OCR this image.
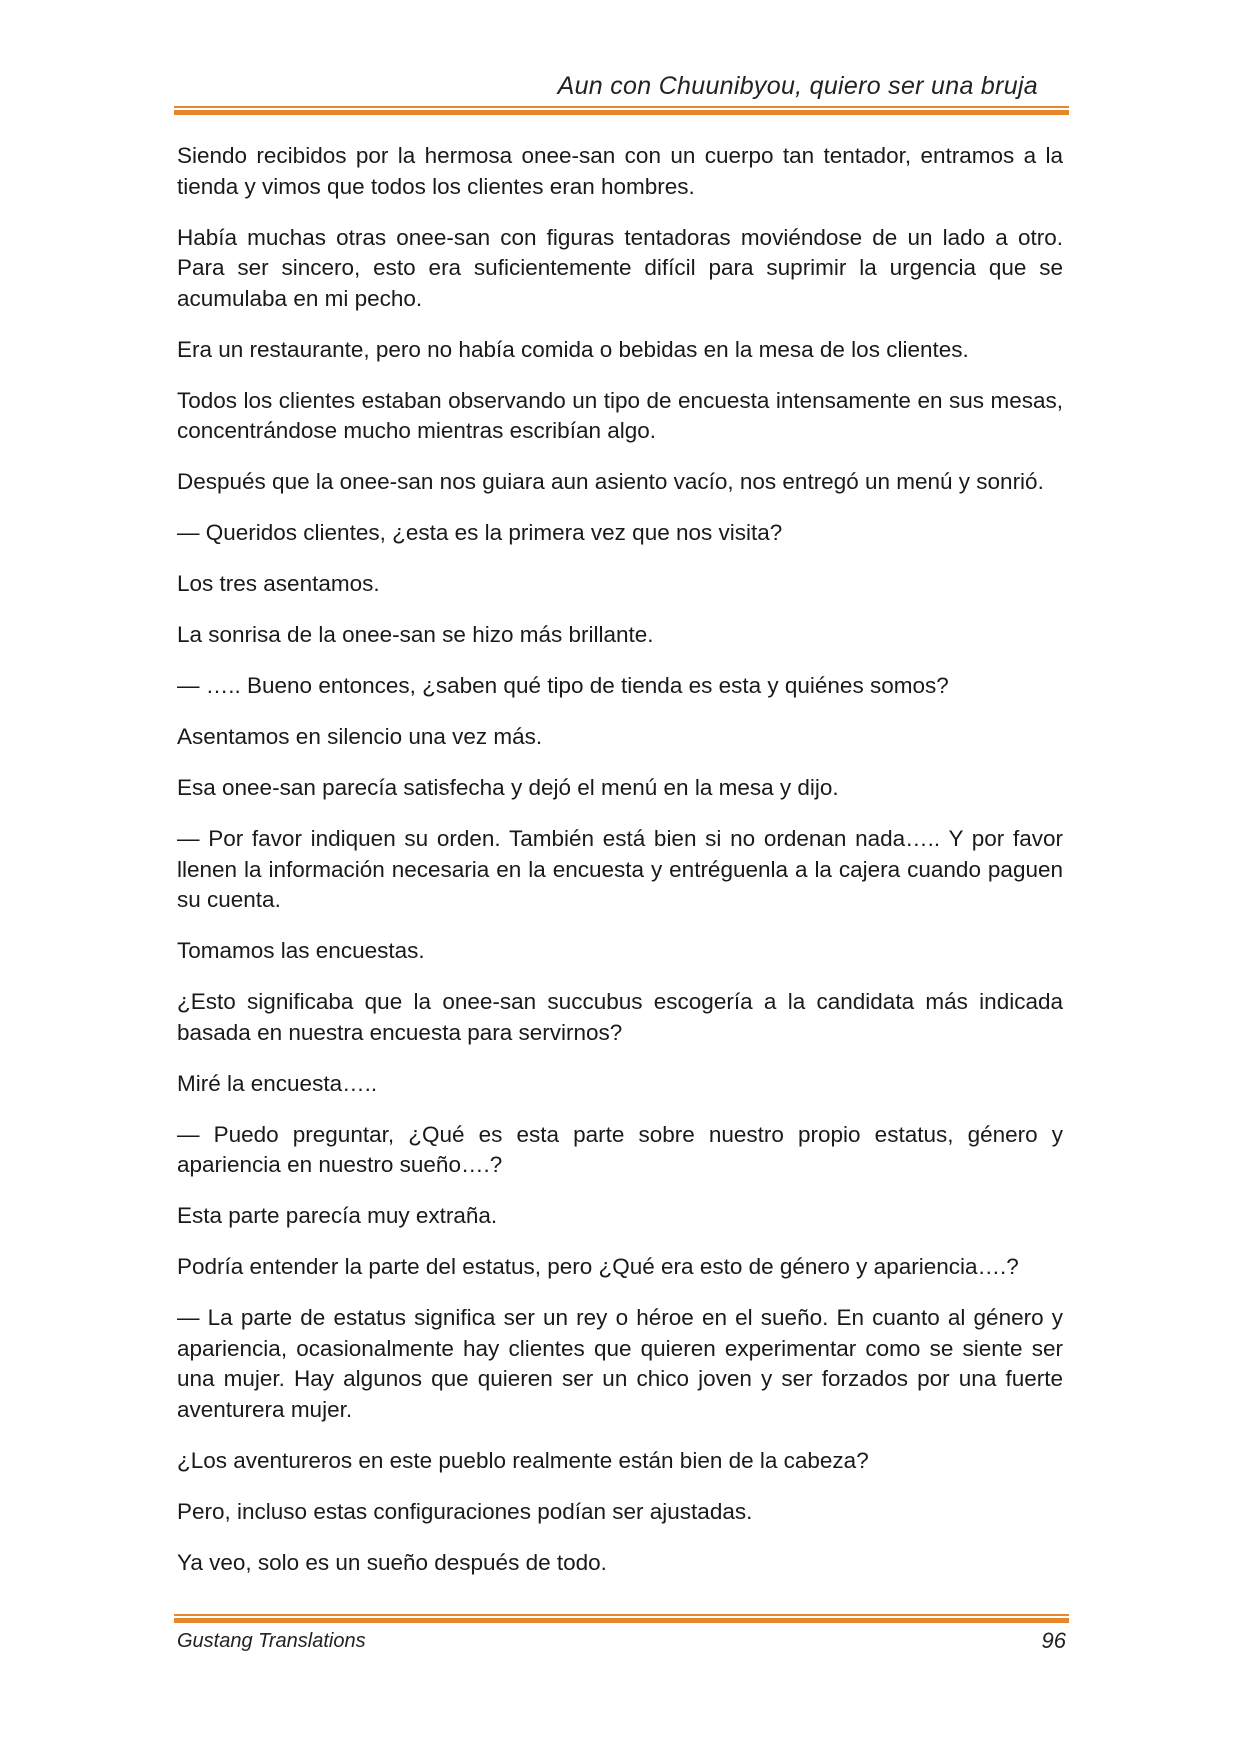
Aun con Chuunibyou, quiero ser una bruja

Siendo recibidos por la hermosa onee-san con un cuerpo tan tentador, entramos a la tienda y vimos que todos los clientes eran hombres.

Había muchas otras onee-san con figuras tentadoras moviéndose de un lado a otro. Para ser sincero, esto era suficientemente difícil para suprimir la urgencia que se acumulaba en mi pecho.

Era un restaurante, pero no había comida o bebidas en la mesa de los clientes.

Todos los clientes estaban observando un tipo de encuesta intensamente en sus mesas, concentrándose mucho mientras escribían algo.

Después que la onee-san nos guiara aun asiento vacío, nos entregó un menú y sonrió.

— Queridos clientes, ¿esta es la primera vez que nos visita?

Los tres asentamos.

La sonrisa de la onee-san se hizo más brillante.

— ….. Bueno entonces, ¿saben qué tipo de tienda es esta y quiénes somos?

Asentamos en silencio una vez más.

Esa onee-san parecía satisfecha y dejó el menú en la mesa y dijo.

— Por favor indiquen su orden. También está bien si no ordenan nada….. Y por favor llenen la información necesaria en la encuesta y entréguenla a la cajera cuando paguen su cuenta.

Tomamos las encuestas.

¿Esto significaba que la onee-san succubus escogería a la candidata más indicada basada en nuestra encuesta para servirnos?

Miré la encuesta…..

— Puedo preguntar, ¿Qué es esta parte sobre nuestro propio estatus, género y apariencia en nuestro sueño….?

Esta parte parecía muy extraña.

Podría entender la parte del estatus, pero ¿Qué era esto de género y apariencia….?

— La parte de estatus significa ser un rey o héroe en el sueño. En cuanto al género y apariencia, ocasionalmente hay clientes que quieren experimentar como se siente ser una mujer. Hay algunos que quieren ser un chico joven y ser forzados por una fuerte aventurera mujer.

¿Los aventureros en este pueblo realmente están bien de la cabeza?

Pero, incluso estas configuraciones podían ser ajustadas.

Ya veo, solo es un sueño después de todo.

Gustang Translations	96
